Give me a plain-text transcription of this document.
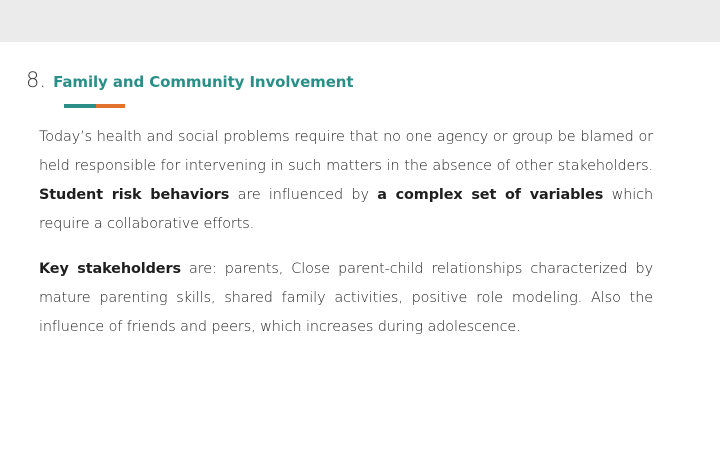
8. Family and Community Involvement

Today’s health and social problems require that no one agency or group be blamed or held responsible for intervening in such matters in the absence of other stakeholders. Student risk behaviors are influenced by a complex set of variables which require a collaborative efforts.

Key stakeholders are: parents, Close parent-child relationships characterized by mature parenting skills, shared family activities, positive role modeling. Also the influence of friends and peers, which increases during adolescence.
